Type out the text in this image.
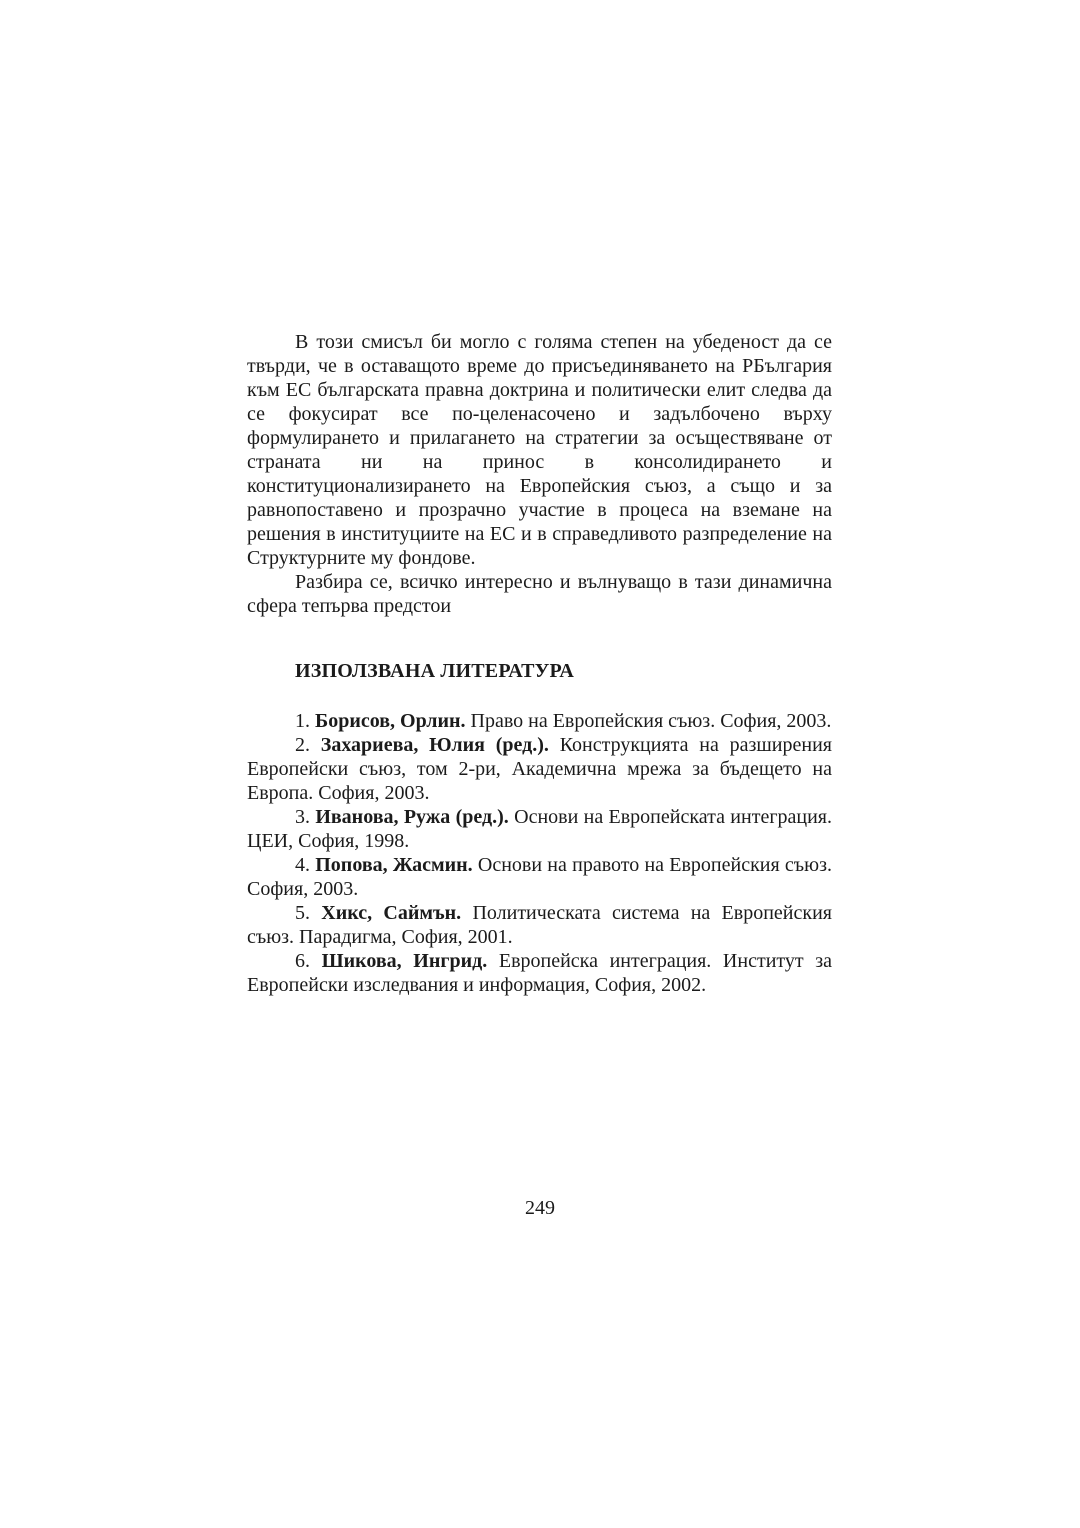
В този смисъл би могло с голяма степен на убеденост да се твърди, че в оставащото време до присъединяването на РБългария към ЕС българската правна доктрина и политически елит следва да се фокусират все по-целенасочено и задълбочено върху формулирането и прилагането на стратегии за осъществяване от страната ни на принос в консолидирането и конституционализирането на Европейския съюз, а също и за равнопоставено и прозрачно участие в процеса на вземане на решения в институциите на ЕС и в справедливото разпределение на Структурните му фондове.

Разбира се, всичко интересно и вълнуващо в тази динамична сфера тепърва предстои

ИЗПОЛЗВАНА ЛИТЕРАТУРА

1. Борисов, Орлин. Право на Европейския съюз. София, 2003.

2. Захариева, Юлия (ред.). Конструкцията на разширения Европейски съюз, том 2-ри, Академична мрежа за бъдещето на Европа. София, 2003.

3. Иванова, Ружа (ред.). Основи на Европейската интеграция. ЦЕИ, София, 1998.

4. Попова, Жасмин. Основи на правото на Европейския съюз. София, 2003.

5. Хикс, Саймън. Политическата система на Европейския съюз. Парадигма, София, 2001.

6. Шикова, Ингрид. Европейска интеграция. Институт за Европейски изследвания и информация, София, 2002.

249
